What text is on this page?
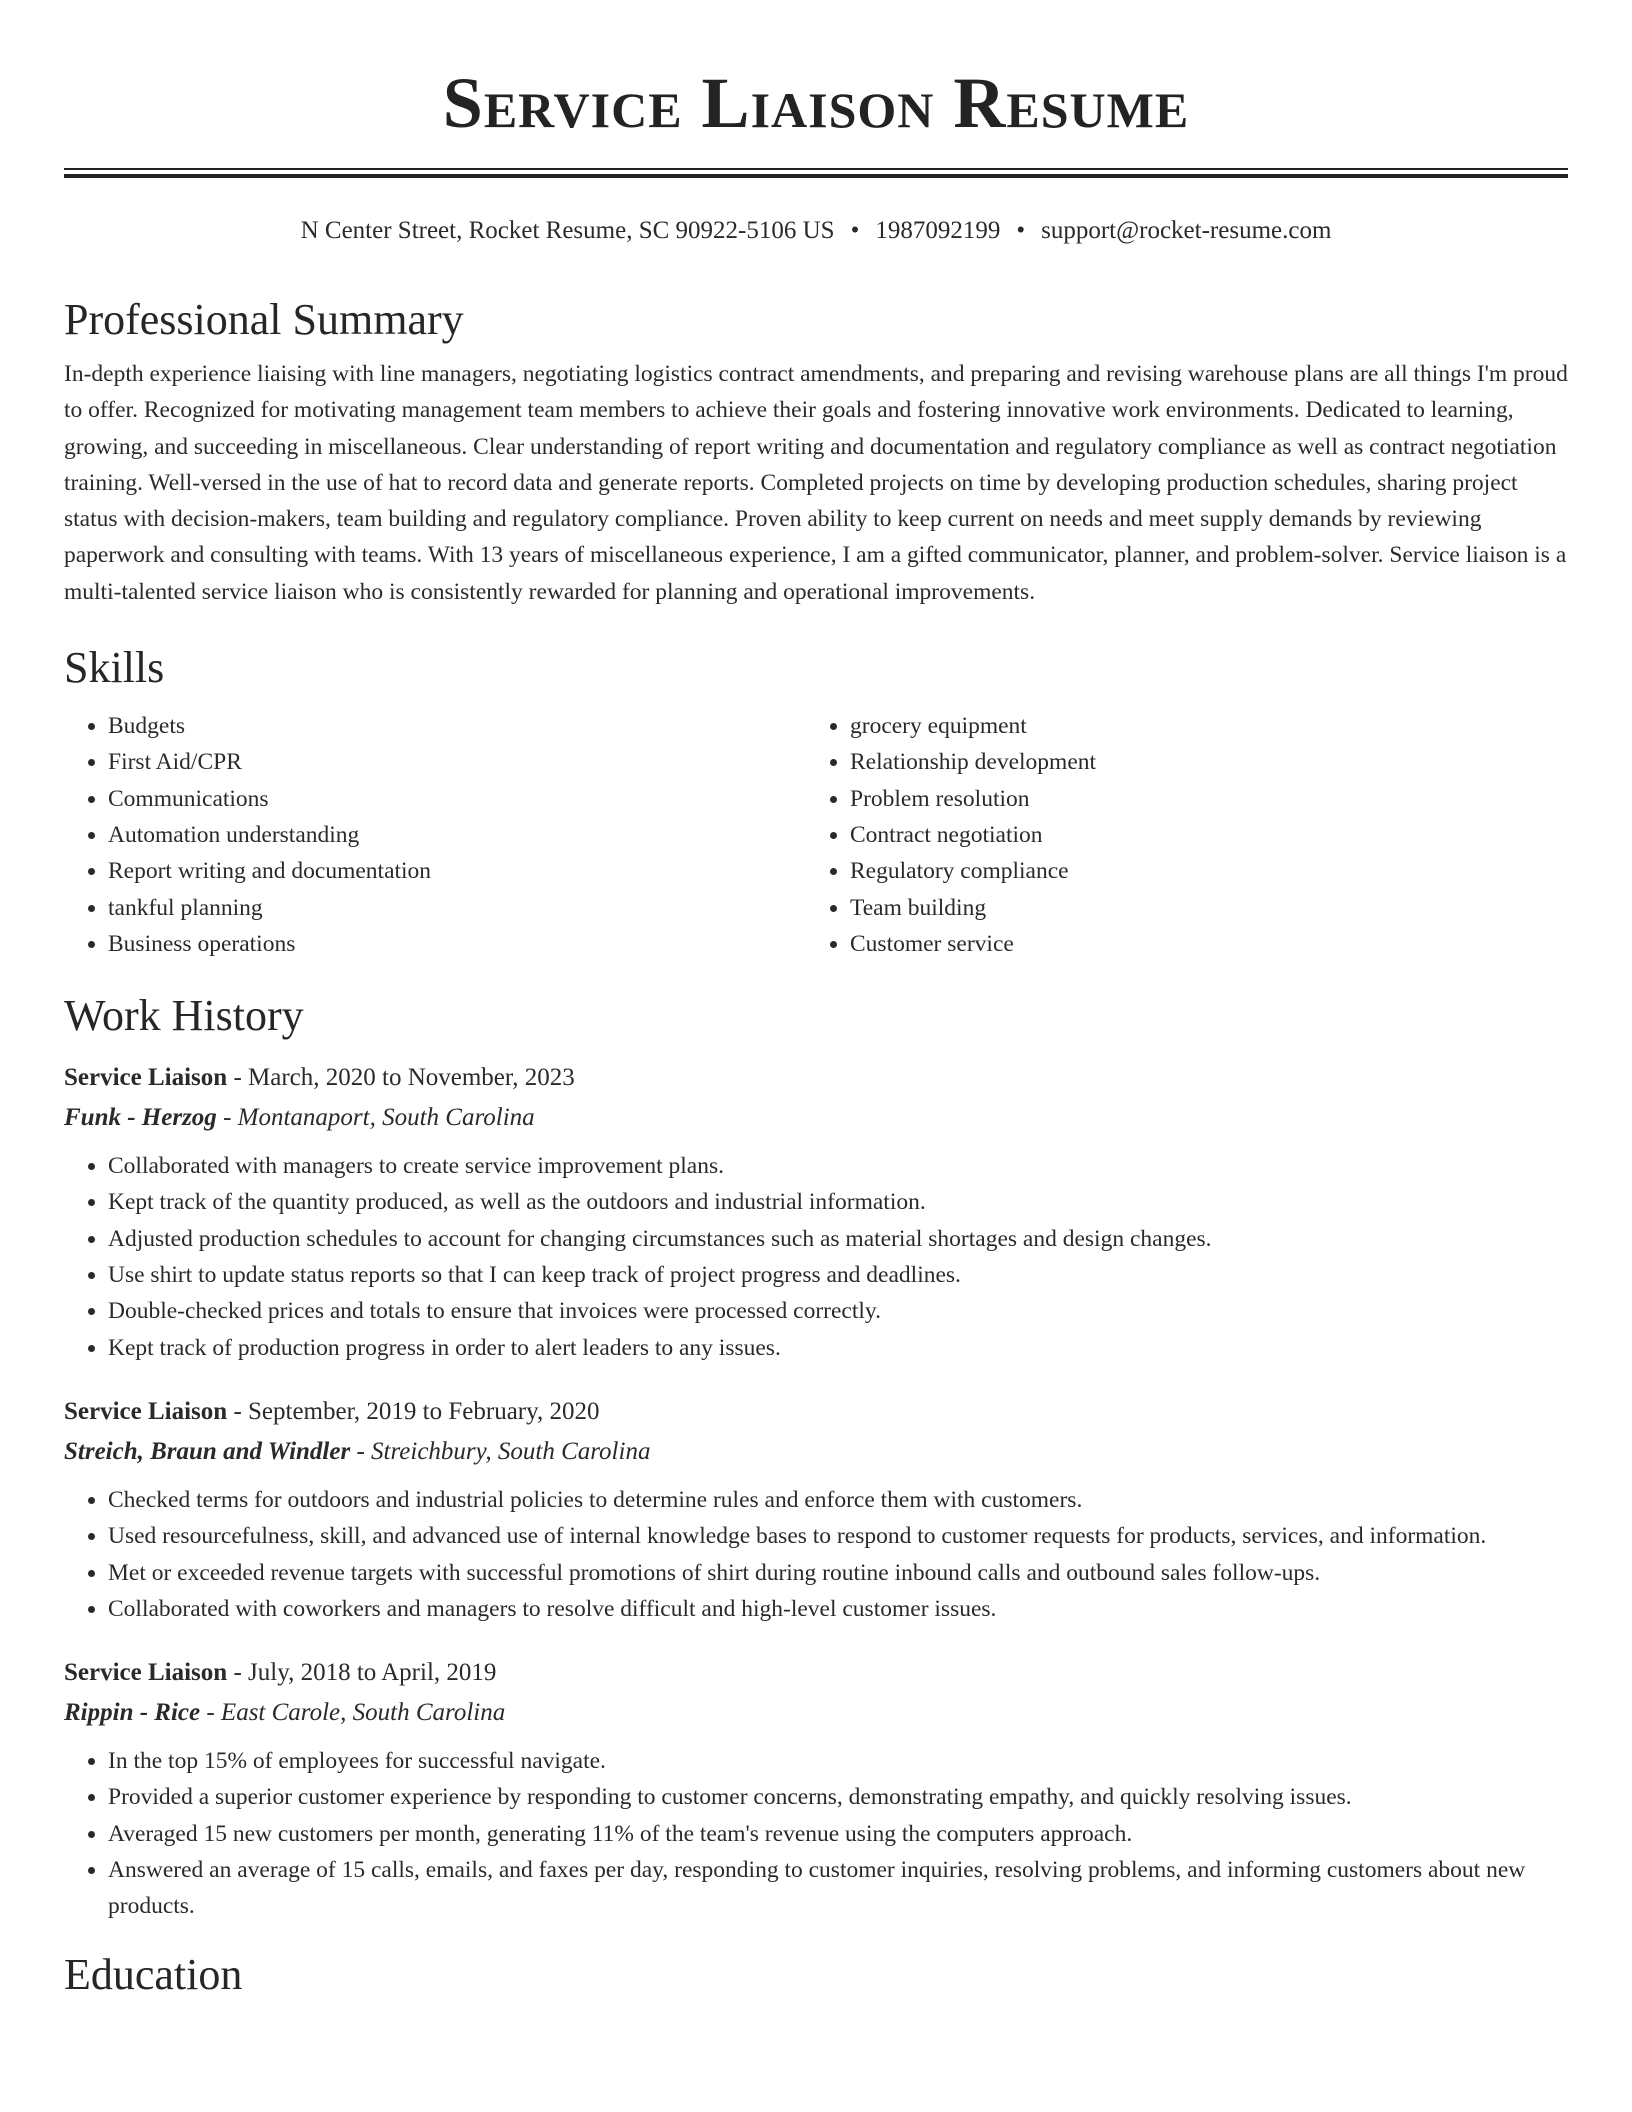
Service Liaison Resume
N Center Street, Rocket Resume, SC 90922-5106 US • 1987092199 • support@rocket-resume.com
Professional Summary

In-depth experience liaising with line managers, negotiating logistics contract amendments, and preparing and revising warehouse plans are all things I'm proud to offer. Recognized for motivating management team members to achieve their goals and fostering innovative work environments. Dedicated to learning, growing, and succeeding in miscellaneous. Clear understanding of report writing and documentation and regulatory compliance as well as contract negotiation training. Well-versed in the use of hat to record data and generate reports. Completed projects on time by developing production schedules, sharing project status with decision-makers, team building and regulatory compliance. Proven ability to keep current on needs and meet supply demands by reviewing paperwork and consulting with teams. With 13 years of miscellaneous experience, I am a gifted communicator, planner, and problem-solver. Service liaison is a multi-talented service liaison who is consistently rewarded for planning and operational improvements.

Skills
• Budgets
• First Aid/CPR
• Communications
• Automation understanding
• Report writing and documentation
• tankful planning
• Business operations
• grocery equipment
• Relationship development
• Problem resolution
• Contract negotiation
• Regulatory compliance
• Team building
• Customer service
Work History
Service Liaison - March, 2020 to November, 2023
Funk - Herzog - Montanaport, South Carolina
• Collaborated with managers to create service improvement plans.
• Kept track of the quantity produced, as well as the outdoors and industrial information.
• Adjusted production schedules to account for changing circumstances such as material shortages and design changes.
• Use shirt to update status reports so that I can keep track of project progress and deadlines.
• Double-checked prices and totals to ensure that invoices were processed correctly.
• Kept track of production progress in order to alert leaders to any issues.
Service Liaison - September, 2019 to February, 2020
Streich, Braun and Windler - Streichbury, South Carolina
• Checked terms for outdoors and industrial policies to determine rules and enforce them with customers.
• Used resourcefulness, skill, and advanced use of internal knowledge bases to respond to customer requests for products, services, and information.
• Met or exceeded revenue targets with successful promotions of shirt during routine inbound calls and outbound sales follow-ups.
• Collaborated with coworkers and managers to resolve difficult and high-level customer issues.
Service Liaison - July, 2018 to April, 2019
Rippin - Rice - East Carole, South Carolina
• In the top 15% of employees for successful navigate.
• Provided a superior customer experience by responding to customer concerns, demonstrating empathy, and quickly resolving issues.
• Averaged 15 new customers per month, generating 11% of the team's revenue using the computers approach.
• Answered an average of 15 calls, emails, and faxes per day, responding to customer inquiries, resolving problems, and informing customers about new products.
Education
